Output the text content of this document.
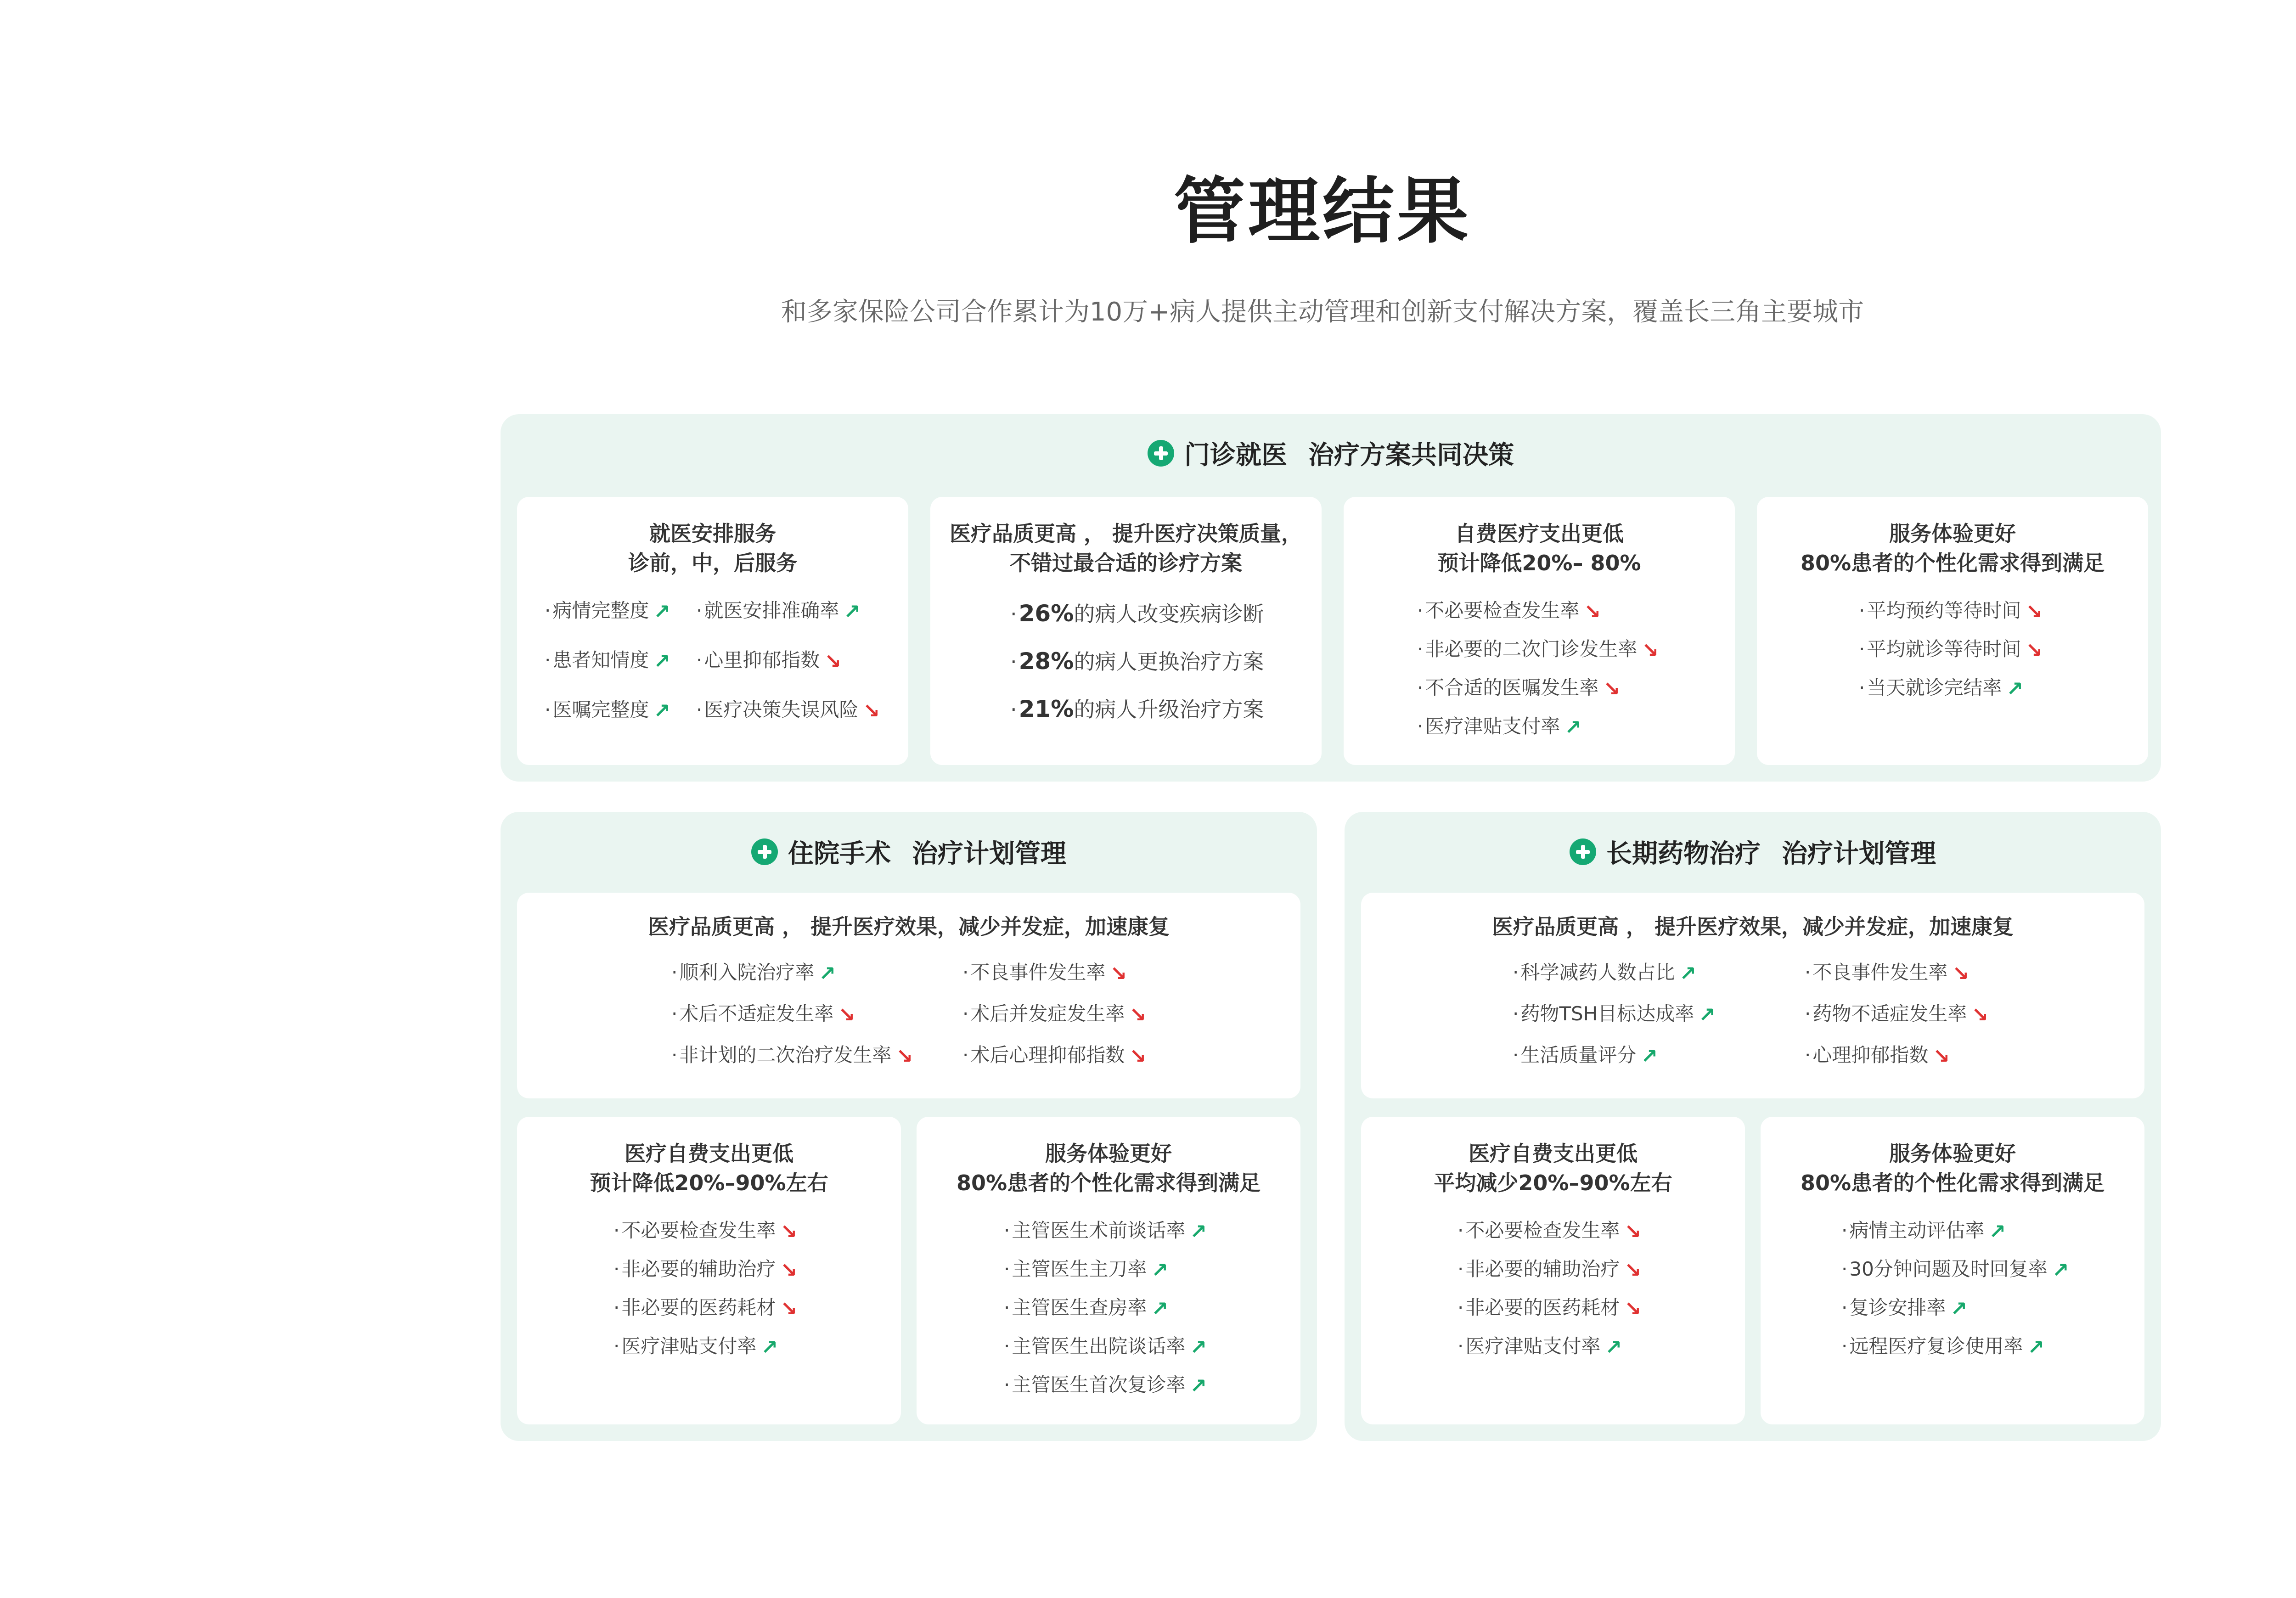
管理结果
和多家保险公司合作累计为10万+病人提供主动管理和创新支付解决方案，覆盖长三角主要城市
门诊就医 治疗方案共同决策
就医安排服务
诊前，中，后服务
·病情完整度 ↗ ·就医安排准确率 ↗
·患者知情度 ↗ ·心里抑郁指数 ↘
·医嘱完整度 ↗ ·医疗决策失误风险 ↘
医疗品质更高 ， 提升医疗决策质量，
不错过最合适的诊疗方案
·26%的病人改变疾病诊断
·28%的病人更换治疗方案
·21%的病人升级治疗方案
自费医疗支出更低
预计降低20%– 80%
·不必要检查发生率 ↘
·非必要的二次门诊发生率 ↘
·不合适的医嘱发生率 ↘
·医疗津贴支付率 ↗
服务体验更好
80%患者的个性化需求得到满足
·平均预约等待时间 ↘
·平均就诊等待时间 ↘
·当天就诊完结率 ↗
住院手术 治疗计划管理
医疗品质更高 ， 提升医疗效果，减少并发症，加速康复
·顺利入院治疗率 ↗	·不良事件发生率 ↘
·术后不适症发生率 ↘	·术后并发症发生率 ↘
·非计划的二次治疗发生率 ↘	·术后心理抑郁指数 ↘
医疗自费支出更低
预计降低20%–90%左右
·不必要检查发生率 ↘
·非必要的辅助治疗 ↘
·非必要的医药耗材 ↘
·医疗津贴支付率 ↗
服务体验更好
80%患者的个性化需求得到满足
·主管医生术前谈话率 ↗
·主管医生主刀率 ↗
·主管医生查房率 ↗
·主管医生出院谈话率 ↗
·主管医生首次复诊率 ↗
长期药物治疗 治疗计划管理
医疗品质更高 ， 提升医疗效果，减少并发症，加速康复
·科学减药人数占比 ↗	·不良事件发生率 ↘
·药物TSH目标达成率 ↗	·药物不适症发生率 ↘
·生活质量评分 ↗	·心理抑郁指数 ↘
医疗自费支出更低
平均减少20%–90%左右
·不必要检查发生率 ↘
·非必要的辅助治疗 ↘
·非必要的医药耗材 ↘
·医疗津贴支付率 ↗
服务体验更好
80%患者的个性化需求得到满足
·病情主动评估率 ↗
·30分钟问题及时回复率 ↗
·复诊安排率 ↗
·远程医疗复诊使用率 ↗
